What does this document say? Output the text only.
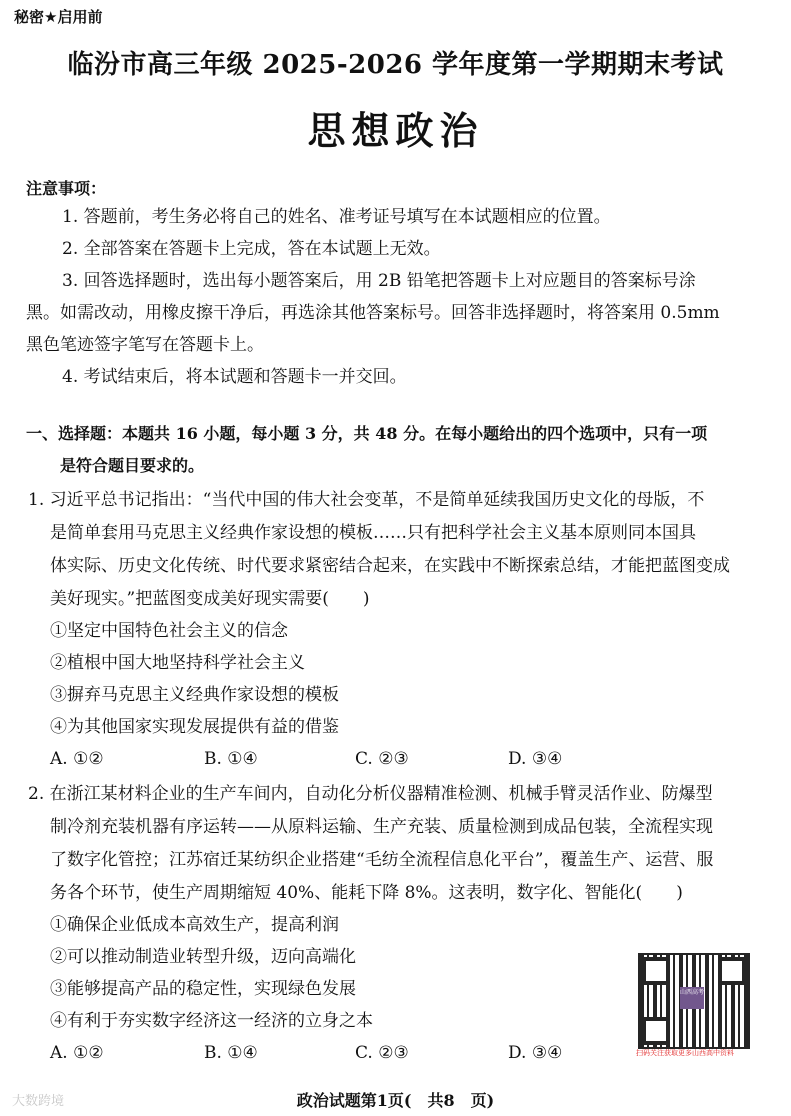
秘密★启用前
临汾市高三年级 2025-2026 学年度第一学期期末考试
思想政治
注意事项：
1. 答题前，考生务必将自己的姓名、准考证号填写在本试题相应的位置。
2. 全部答案在答题卡上完成，答在本试题上无效。
3. 回答选择题时，选出每小题答案后，用 2B 铅笔把答题卡上对应题目的答案标号涂
黑。如需改动，用橡皮擦干净后，再选涂其他答案标号。回答非选择题时，将答案用 0.5mm
黑色笔迹签字笔写在答题卡上。
4. 考试结束后，将本试题和答题卡一并交回。
一、选择题：本题共 16 小题，每小题 3 分，共 48 分。在每小题给出的四个选项中，只有一项
是符合题目要求的。
1. 习近平总书记指出：“当代中国的伟大社会变革，不是简单延续我国历史文化的母版，不
是简单套用马克思主义经典作家设想的模板……只有把科学社会主义基本原则同本国具
体实际、历史文化传统、时代要求紧密结合起来，在实践中不断探索总结，才能把蓝图变成
美好现实。”把蓝图变成美好现实需要(　　)
①坚定中国特色社会主义的信念
②植根中国大地坚持科学社会主义
③摒弃马克思主义经典作家设想的模板
④为其他国家实现发展提供有益的借鉴
A. ①②	B. ①④	C. ②③	D. ③④
2. 在浙江某材料企业的生产车间内，自动化分析仪器精准检测、机械手臂灵活作业、防爆型
制冷剂充装机器有序运转——从原料运输、生产充装、质量检测到成品包装，全流程实现
了数字化管控；江苏宿迁某纺织企业搭建“毛纺全流程信息化平台”，覆盖生产、运营、服
务各个环节，使生产周期缩短 40%、能耗下降 8%。这表明，数字化、智能化(　　)
①确保企业低成本高效生产，提高利润
②可以推动制造业转型升级，迈向高端化
③能够提高产品的稳定性，实现绿色发展
④有利于夯实数字经济这一经济的立身之本
A. ①②	B. ①④	C. ②③	D. ③④
山西高考
扫码关注获取更多山西高中资料
大数跨境	政治试题第1页(　共8　页)
